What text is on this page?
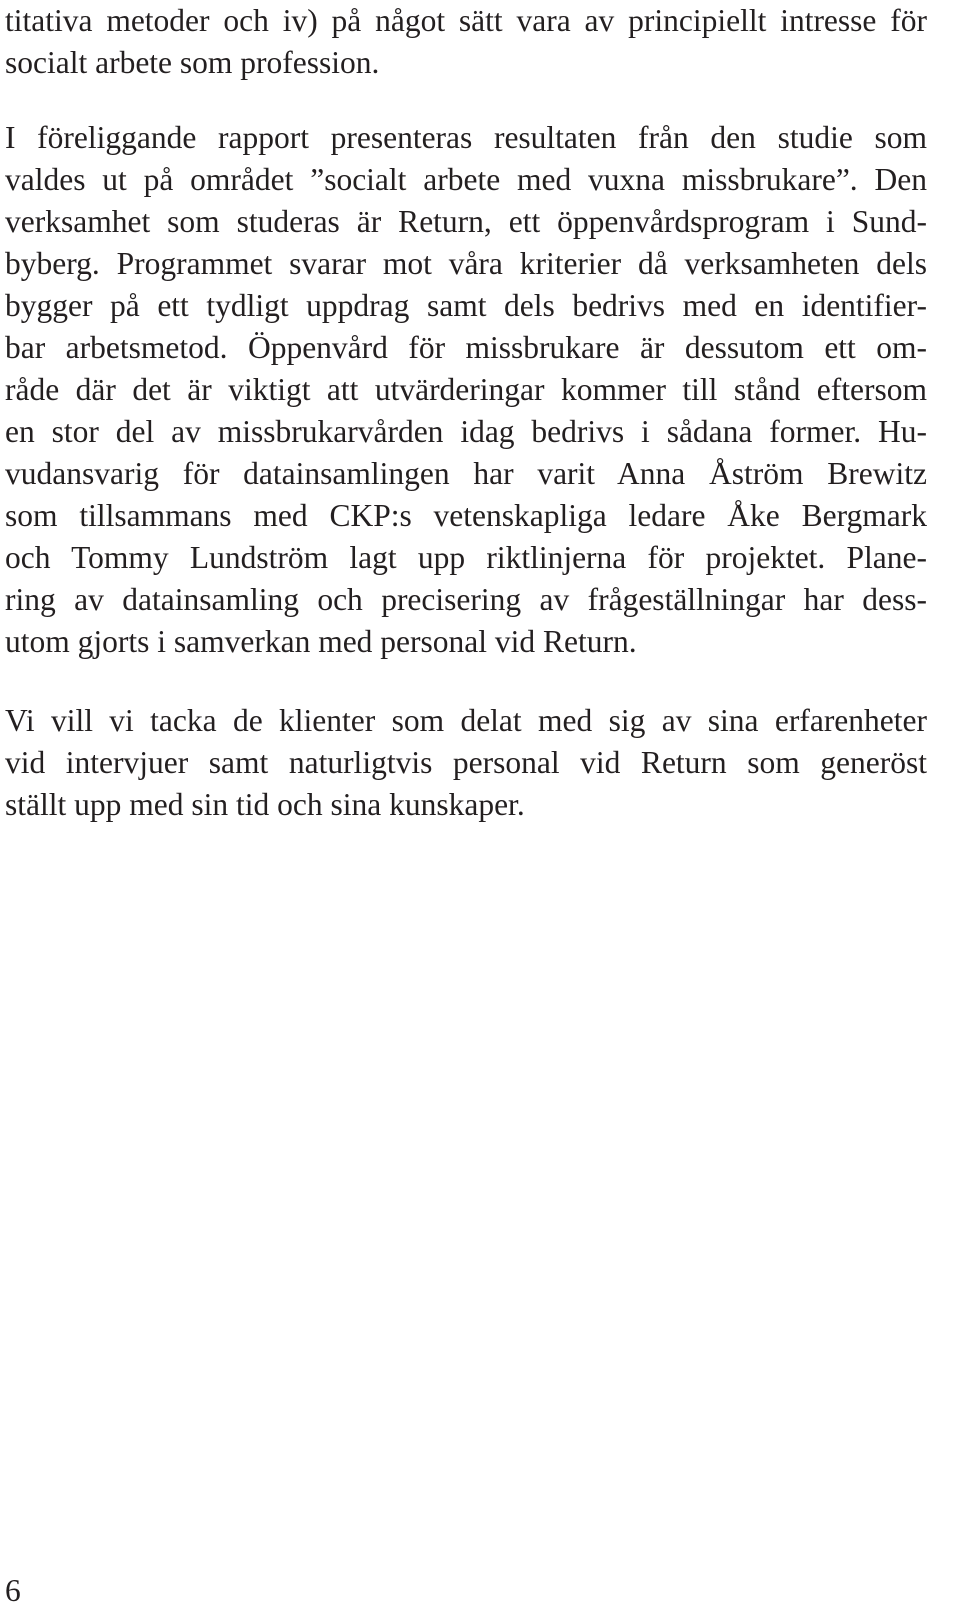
titativa metoder och iv) på något sätt vara av principiellt intresse för
socialt arbete som profession.

I föreliggande rapport presenteras resultaten från den studie som
valdes ut på området ”socialt arbete med vuxna missbrukare”. Den
verksamhet som studeras är Return, ett öppenvårdsprogram i Sund-
byberg. Programmet svarar mot våra kriterier då verksamheten dels
bygger på ett tydligt uppdrag samt dels bedrivs med en identifier-
bar arbetsmetod. Öppenvård för missbrukare är dessutom ett om-
råde där det är viktigt att utvärderingar kommer till stånd eftersom
en stor del av missbrukarvården idag bedrivs i sådana former. Hu-
vudansvarig för datainsamlingen har varit Anna Åström Brewitz
som tillsammans med CKP:s vetenskapliga ledare Åke Bergmark
och Tommy Lundström lagt upp riktlinjerna för projektet. Plane-
ring av datainsamling och precisering av frågeställningar har dess-
utom gjorts i samverkan med personal vid Return.

Vi vill vi tacka de klienter som delat med sig av sina erfarenheter
vid intervjuer samt naturligtvis personal vid Return som generöst
ställt upp med sin tid och sina kunskaper.

6
